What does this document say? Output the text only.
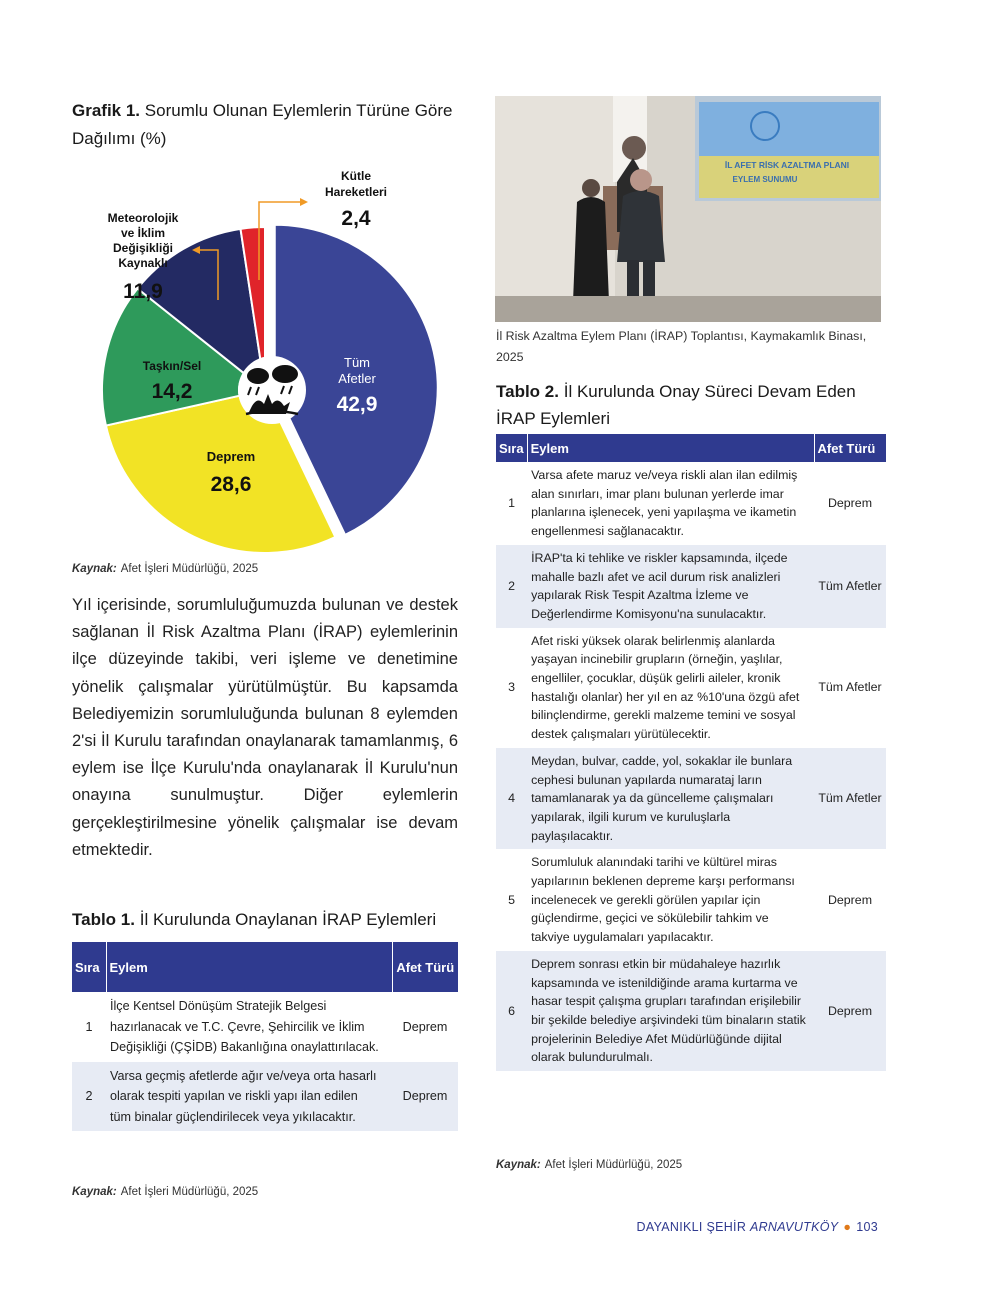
Grafik 1. Sorumlu Olunan Eylemlerin Türüne Göre Dağılımı (%)
Tüm
Afetler
42,9
Deprem
28,6
Taşkın/Sel
14,2
Meteorolojik
ve İklim
Değişikliği
Kaynaklı
11,9
Kütle
Hareketleri
2,4
Kaynak: Afet İşleri Müdürlüğü, 2025

Yıl içerisinde, sorumluluğumuzda bulunan ve destek sağlanan İl Risk Azaltma Planı (İRAP) eylemlerinin ilçe düzeyinde takibi, veri işleme ve denetimine yönelik çalışmalar yürütülmüştür. Bu kapsamda Belediyemizin sorumluluğunda bulunan 8 eylemden 2'si İl Kurulu tarafından onaylanarak tamamlanmış, 6 eylem ise İlçe Kurulu'nda onaylanarak İl Kurulu'nun onayına sunulmuştur. Diğer eylemlerin gerçekleştirilmesine yönelik çalışmalar ise devam etmektedir.

Tablo 1. İl Kurulunda Onaylanan İRAP Eylemleri
Sıra	Eylem	Afet Türü
1	İlçe Kentsel Dönüşüm Stratejik Belgesi hazırlanacak ve T.C. Çevre, Şehircilik ve İklim Değişikliği (ÇŞİDB) Bakanlığına onaylattırılacak.	Deprem
2	Varsa geçmiş afetlerde ağır ve/veya orta hasarlı olarak tespiti yapılan ve riskli yapı ilan edilen tüm binalar güçlendirilecek veya yıkılacaktır.	Deprem
Kaynak: Afet İşleri Müdürlüğü, 2025
İL AFET RİSK AZALTMA PLANI
EYLEM SUNUMU
İl Risk Azaltma Eylem Planı (İRAP) Toplantısı, Kaymakamlık Binası, 2025
Tablo 2. İl Kurulunda Onay Süreci Devam Eden İRAP Eylemleri
Sıra	Eylem	Afet Türü
1	Varsa afete maruz ve/veya riskli alan ilan edilmiş alan sınırları, imar planı bulunan yerlerde imar planlarına işlenecek, yeni yapılaşma ve ikametin engellenmesi sağlanacaktır.	Deprem
2	İRAP'ta ki tehlike ve riskler kapsamında, ilçede mahalle bazlı afet ve acil durum risk analizleri yapılarak Risk Tespit Azaltma İzleme ve Değerlendirme Komisyonu'na sunulacaktır.	Tüm Afetler
3	Afet riski yüksek olarak belirlenmiş alanlarda yaşayan incinebilir grupların (örneğin, yaşlılar, engelliler, çocuklar, düşük gelirli aileler, kronik hastalığı olanlar) her yıl en az %10'una özgü afet bilinçlendirme, gerekli malzeme temini ve sosyal destek çalışmaları yürütülecektir.	Tüm Afetler
4	Meydan, bulvar, cadde, yol, sokaklar ile bunlara cephesi bulunan yapılarda numarataj ların tamamlanarak ya da güncelleme çalışmaları yapılarak, ilgili kurum ve kuruluşlarla paylaşılacaktır.	Tüm Afetler
5	Sorumluluk alanındaki tarihi ve kültürel miras yapılarının beklenen depreme karşı performansı incelenecek ve gerekli görülen yapılar için güçlendirme, geçici ve sökülebilir tahkim ve takviye uygulamaları yapılacaktır.	Deprem
6	Deprem sonrası etkin bir müdahaleye hazırlık kapsamında ve istenildiğinde arama kurtarma ve hasar tespit çalışma grupları tarafından erişilebilir bir şekilde belediye arşivindeki tüm binaların statik projelerinin Belediye Afet Müdürlüğünde dijital olarak bulundurulmalı.	Deprem
Kaynak: Afet İşleri Müdürlüğü, 2025
DAYANIKLI ŞEHİR ARNAVUTKÖY ● 103
